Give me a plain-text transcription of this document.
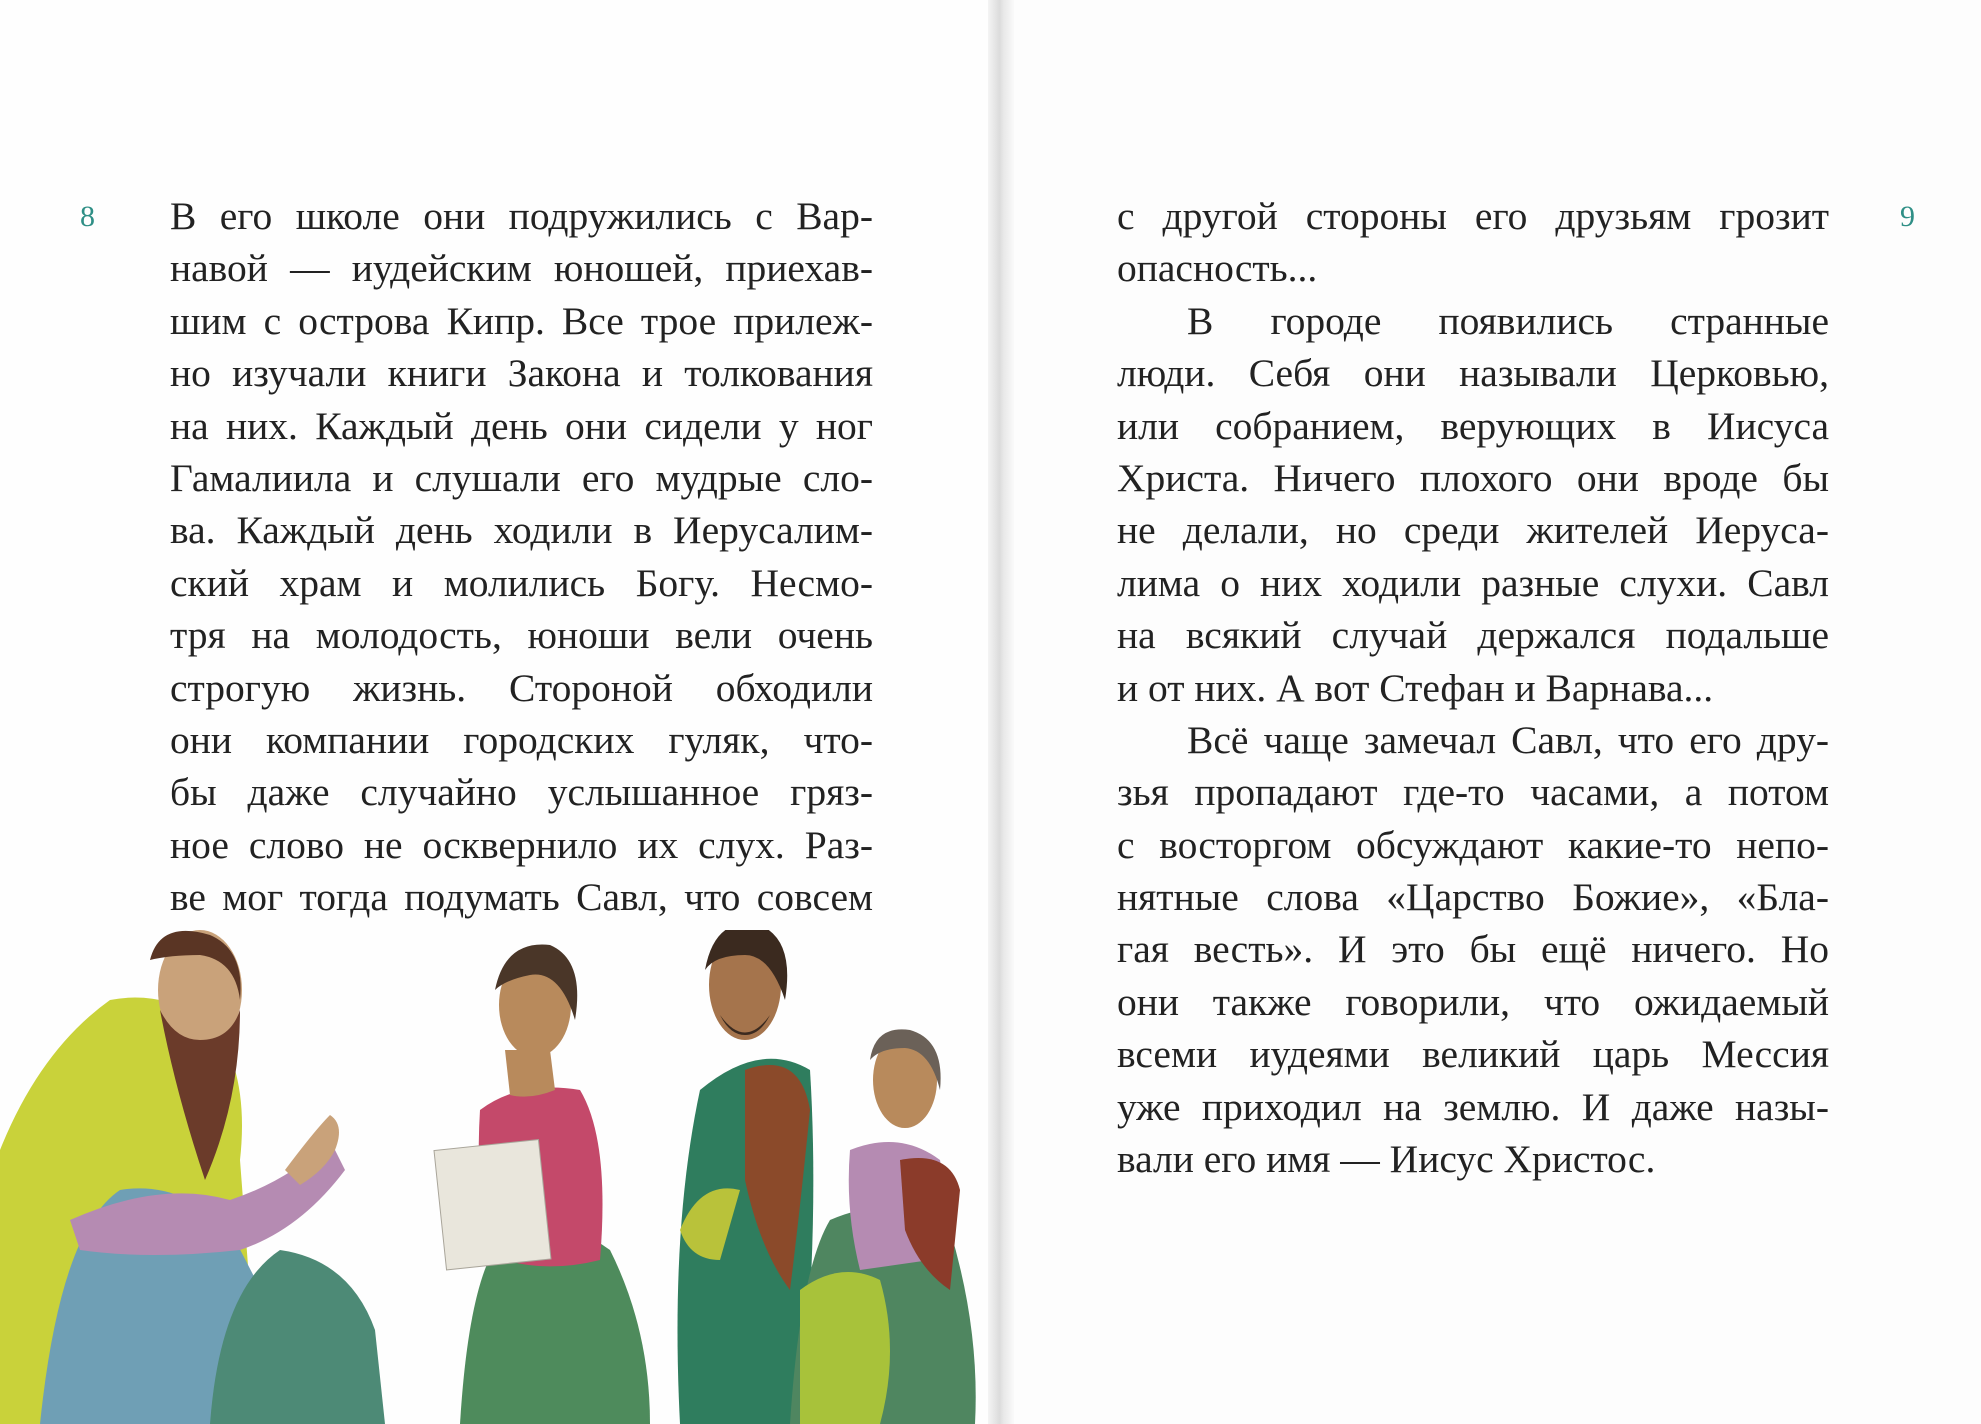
8	9
В его школе они подружились с Вар-
навой — иудейским юношей, приехав-
шим с острова Кипр. Все трое прилеж-
но изучали книги Закона и толкования
на них. Каждый день они сидели у ног
Гамалиила и слушали его мудрые сло-
ва. Каждый день ходили в Иерусалим-
ский храм и молились Богу. Несмо-
тря на молодость, юноши вели очень
строгую жизнь. Стороной обходили
они компании городских гуляк, что-
бы даже случайно услышанное гряз-
ное слово не осквернило их слух. Раз-
ве мог тогда подумать Савл, что совсем
с другой стороны его друзьям грозит
опасность...
В городе появились странные
люди. Себя они называли Церковью,
или собранием, верующих в Иисуса
Христа. Ничего плохого они вроде бы
не делали, но среди жителей Иеруса-
лима о них ходили разные слухи. Савл
на всякий случай держался подальше
и от них. А вот Стефан и Варнава...
Всё чаще замечал Савл, что его дру-
зья пропадают где-то часами, а потом
с восторгом обсуждают какие-то непо-
нятные слова «Царство Божие», «Бла-
гая весть». И это бы ещё ничего. Но
они также говорили, что ожидаемый
всеми иудеями великий царь Мессия
уже приходил на землю. И даже назы-
вали его имя — Иисус Христос.
